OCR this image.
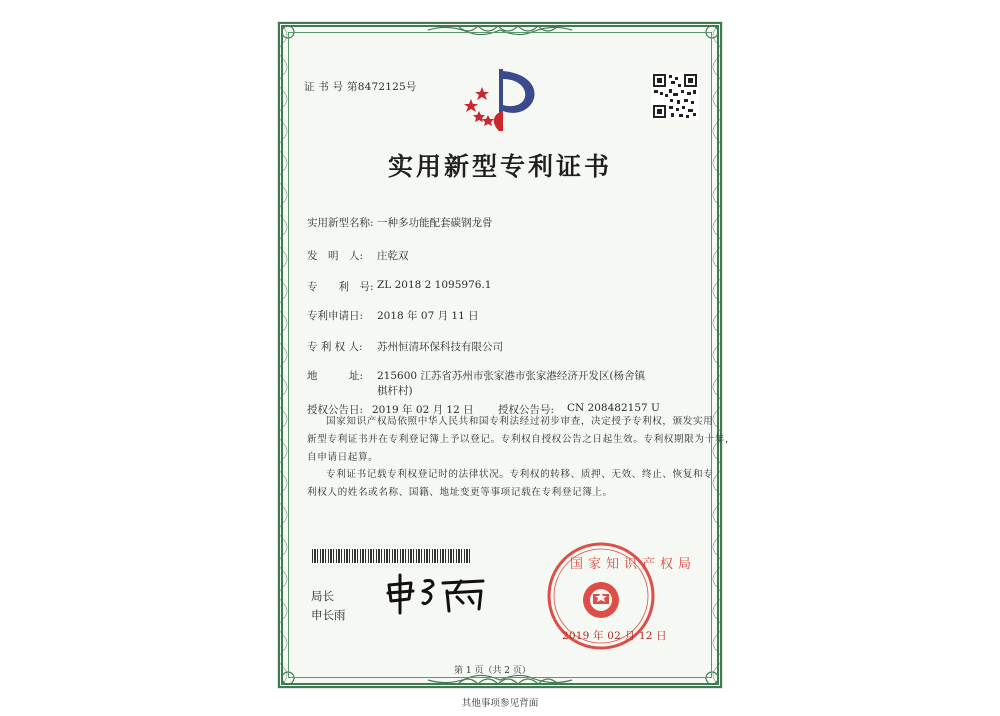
证 书 号 第8472125号
实用新型专利证书
实用新型名称: 一种多功能配套碳钢龙骨
发　明　人: 庄乾双
专　　利　号: ZL 2018 2 1095976.1
专利申请日: 2018 年 07 月 11 日
专 利 权 人: 苏州恒清环保科技有限公司
地　　　址: 215600 江苏省苏州市张家港市张家港经济开发区(杨舍镇
棋杆村)
授权公告日: 2019 年 02 月 12 日 授权公告号: CN 208482157 U
国家知识产权局依照中华人民共和国专利法经过初步审查，决定授予专利权，颁发实用
新型专利证书并在专利登记簿上予以登记。专利权自授权公告之日起生效。专利权期限为十年，
自申请日起算。
专利证书记载专利权登记时的法律状况。专利权的转移、质押、无效、终止、恢复和专
利权人的姓名或名称、国籍、地址变更等事项记载在专利登记簿上。
局长
申长雨
国家知识产权局
2019 年 02 月 12 日
第 1 页（共 2 页）
其他事项参见背面
